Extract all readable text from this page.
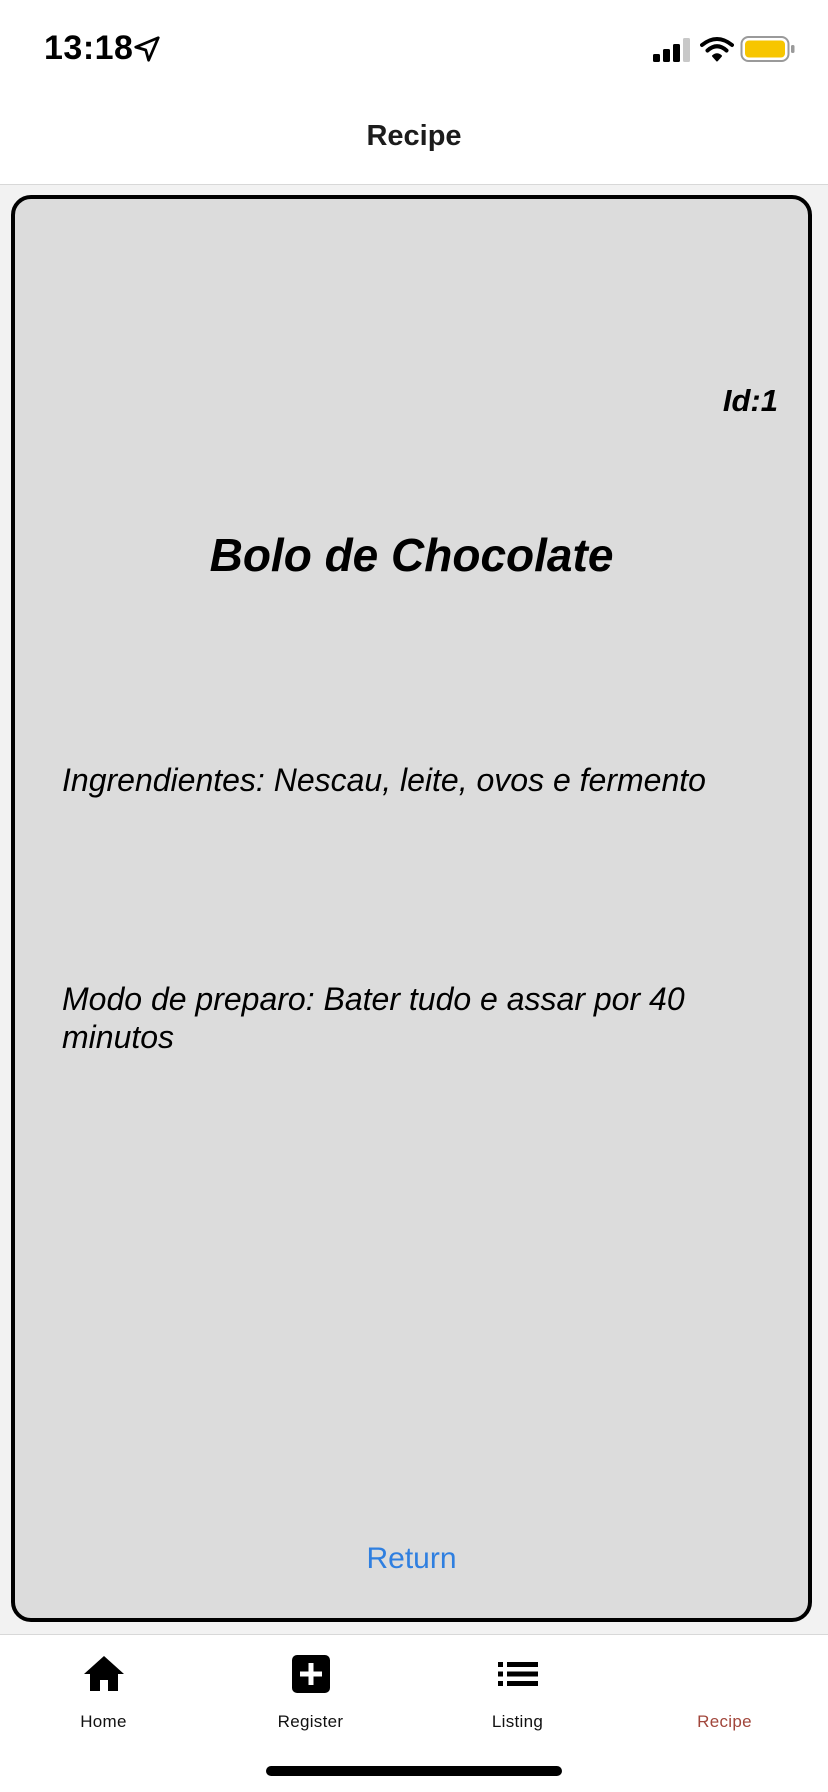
13:18
Recipe
Id:1
Bolo de Chocolate
Ingrendientes: Nescau, leite, ovos e fermento
Modo de preparo: Bater tudo e assar por 40 minutos
Return
Home	Register	Listing	Recipe
